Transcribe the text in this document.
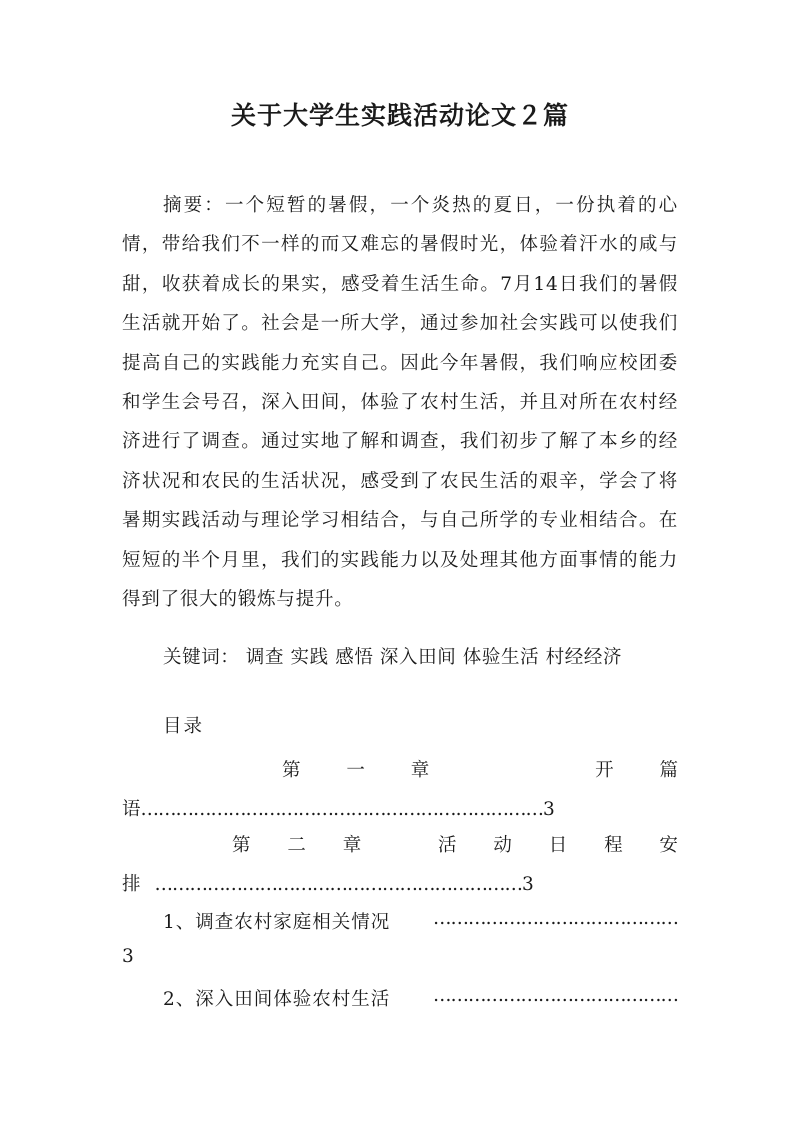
关于大学生实践活动论文２篇

摘要：一个短暂的暑假，一个炎热的夏日，一份执着的心情，带给我们不一样的而又难忘的暑假时光，体验着汗水的咸与甜，收获着成长的果实，感受着生活生命。7月14日我们的暑假生活就开始了。社会是一所大学，通过参加社会实践可以使我们提高自己的实践能力充实自己。因此今年暑假，我们响应校团委和学生会号召，深入田间，体验了农村生活，并且对所在农村经济进行了调查。通过实地了解和调查，我们初步了解了本乡的经济状况和农民的生活状况，感受到了农民生活的艰辛，学会了将暑期实践活动与理论学习相结合，与自己所学的专业相结合。在短短的半个月里，我们的实践能力以及处理其他方面事情的能力得到了很大的锻炼与提升。

关键词： 调查 实践 感悟 深入田间 体验生活 村经经济

目录
第 一 章	开 篇
语……………………………………………………………3
第 二 章	活 动 日 程 安
排 ………………………………………………………3
1、调查农村家庭相关情况 ……………………………………
3
2、深入田间体验农村生活 ……………………………………
